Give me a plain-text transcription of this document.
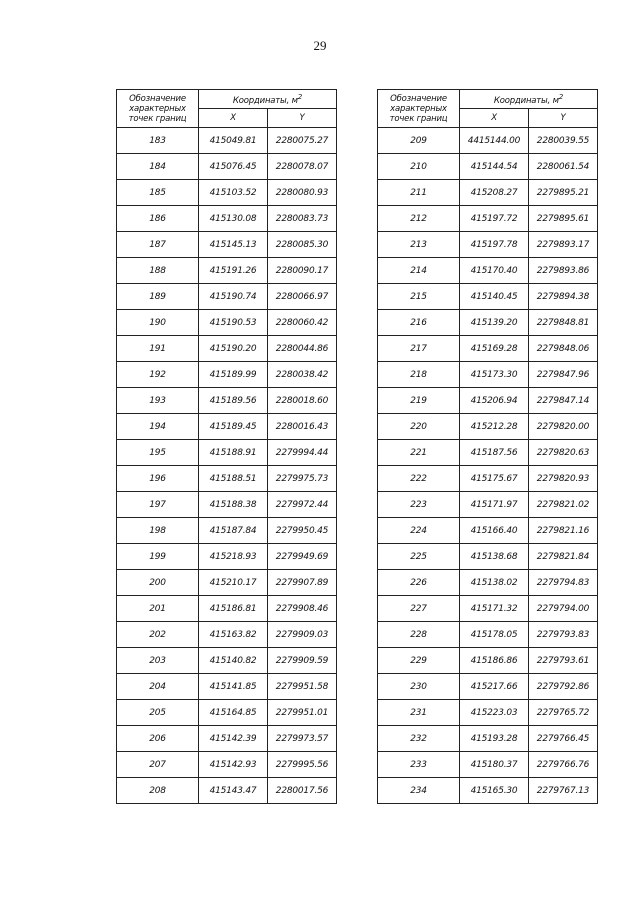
29
Обозначение характерных точек границ	Координаты, $м^2$
	X	Y
183	415049.81	2280075.27
184	415076.45	2280078.07
185	415103.52	2280080.93
186	415130.08	2280083.73
187	415145.13	2280085.30
188	415191.26	2280090.17
189	415190.74	2280066.97
190	415190.53	2280060.42
191	415190.20	2280044.86
192	415189.99	2280038.42
193	415189.56	2280018.60
194	415189.45	2280016.43
195	415188.91	2279994.44
196	415188.51	2279975.73
197	415188.38	2279972.44
198	415187.84	2279950.45
199	415218.93	2279949.69
200	415210.17	2279907.89
201	415186.81	2279908.46
202	415163.82	2279909.03
203	415140.82	2279909.59
204	415141.85	2279951.58
205	415164.85	2279951.01
206	415142.39	2279973.57
207	415142.93	2279995.56
208	415143.47	2280017.56
Обозначение характерных точек границ	Координаты, $м^2$
	X	Y
209	4415144.00	2280039.55
210	415144.54	2280061.54
211	415208.27	2279895.21
212	415197.72	2279895.61
213	415197.78	2279893.17
214	415170.40	2279893.86
215	415140.45	2279894.38
216	415139.20	2279848.81
217	415169.28	2279848.06
218	415173.30	2279847.96
219	415206.94	2279847.14
220	415212.28	2279820.00
221	415187.56	2279820.63
222	415175.67	2279820.93
223	415171.97	2279821.02
224	415166.40	2279821.16
225	415138.68	2279821.84
226	415138.02	2279794.83
227	415171.32	2279794.00
228	415178.05	2279793.83
229	415186.86	2279793.61
230	415217.66	2279792.86
231	415223.03	2279765.72
232	415193.28	2279766.45
233	415180.37	2279766.76
234	415165.30	2279767.13
